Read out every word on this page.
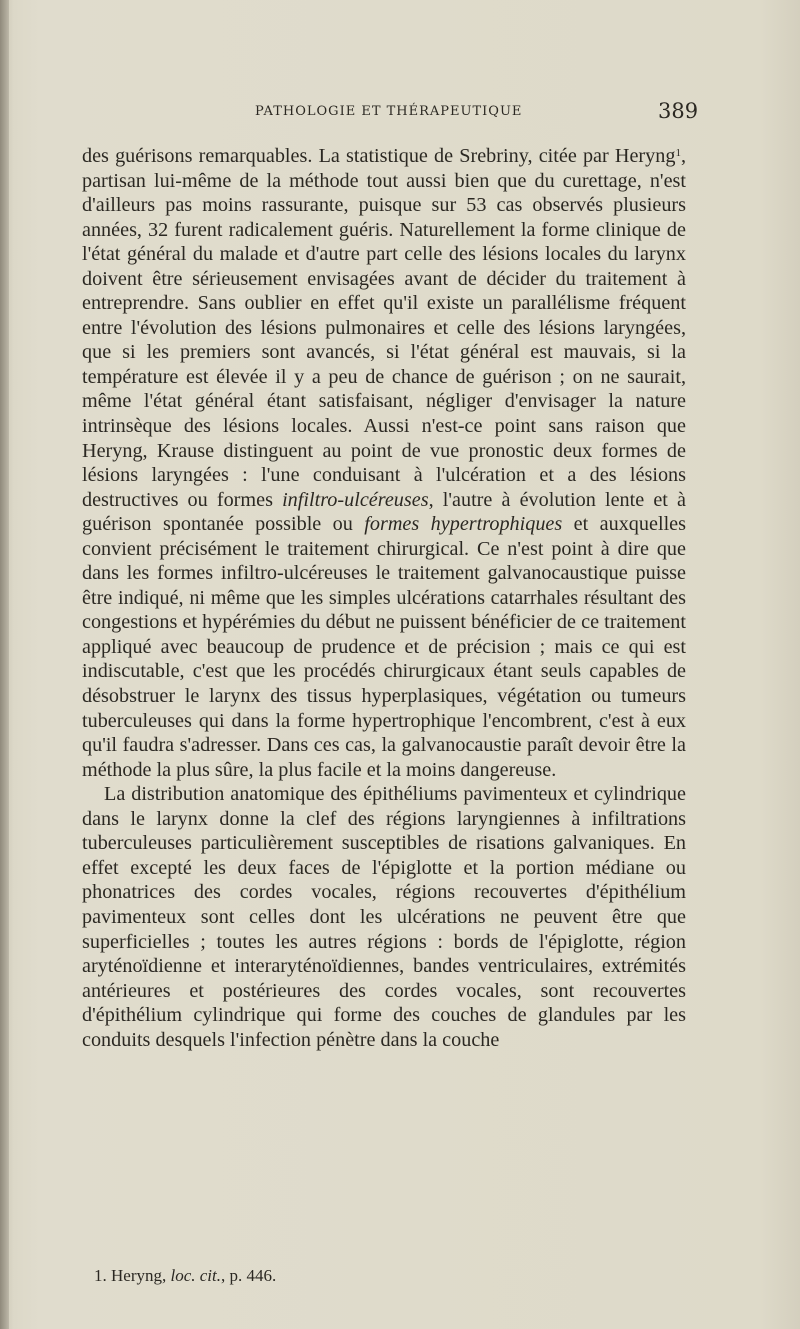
PATHOLOGIE ET THÉRAPEUTIQUE	389

des guérisons remarquables. La statistique de Srebriny, citée par Heryng$^1$, partisan lui-même de la méthode tout aussi bien que du curettage, n'est d'ailleurs pas moins rassurante, puisque sur 53 cas observés plusieurs années, 32 furent radicalement guéris. Naturellement la forme clinique de l'état général du malade et d'autre part celle des lésions locales du larynx doivent être sérieusement envisagées avant de décider du traitement à entreprendre. Sans oublier en effet qu'il existe un parallélisme fréquent entre l'évolution des lésions pulmonaires et celle des lésions laryngées, que si les premiers sont avancés, si l'état général est mauvais, si la température est élevée il y a peu de chance de guérison ; on ne saurait, même l'état général étant satisfaisant, négliger d'envisager la nature intrinsèque des lésions locales. Aussi n'est-ce point sans raison que Heryng, Krause distinguent au point de vue pronostic deux formes de lésions laryngées : l'une conduisant à l'ulcération et a des lésions destructives ou formes infiltro-ulcéreuses, l'autre à évolution lente et à guérison spontanée possible ou formes hypertrophiques et auxquelles convient précisément le traitement chirurgical. Ce n'est point à dire que dans les formes infiltro-ulcéreuses le traitement galvanocaustique puisse être indiqué, ni même que les simples ulcérations catarrhales résultant des congestions et hypérémies du début ne puissent bénéficier de ce traitement appliqué avec beaucoup de prudence et de précision ; mais ce qui est indiscutable, c'est que les procédés chirurgicaux étant seuls capables de désobstruer le larynx des tissus hyperplasiques, végétation ou tumeurs tuberculeuses qui dans la forme hypertrophique l'encombrent, c'est à eux qu'il faudra s'adresser. Dans ces cas, la galvanocaustie paraît devoir être la méthode la plus sûre, la plus facile et la moins dangereuse.

La distribution anatomique des épithéliums pavimenteux et cylindrique dans le larynx donne la clef des régions laryngiennes à infiltrations tuberculeuses particulièrement susceptibles de risations galvaniques. En effet excepté les deux faces de l'épiglotte et la portion médiane ou phonatrices des cordes vocales, régions recouvertes d'épithélium pavimenteux sont celles dont les ulcérations ne peuvent être que superficielles ; toutes les autres régions : bords de l'épiglotte, région aryténoïdienne et interaryténoïdiennes, bandes ventriculaires, extrémités antérieures et postérieures des cordes vocales, sont recouvertes d'épithélium cylindrique qui forme des couches de glandules par les conduits desquels l'infection pénètre dans la couche

1. Heryng, loc. cit., p. 446.
